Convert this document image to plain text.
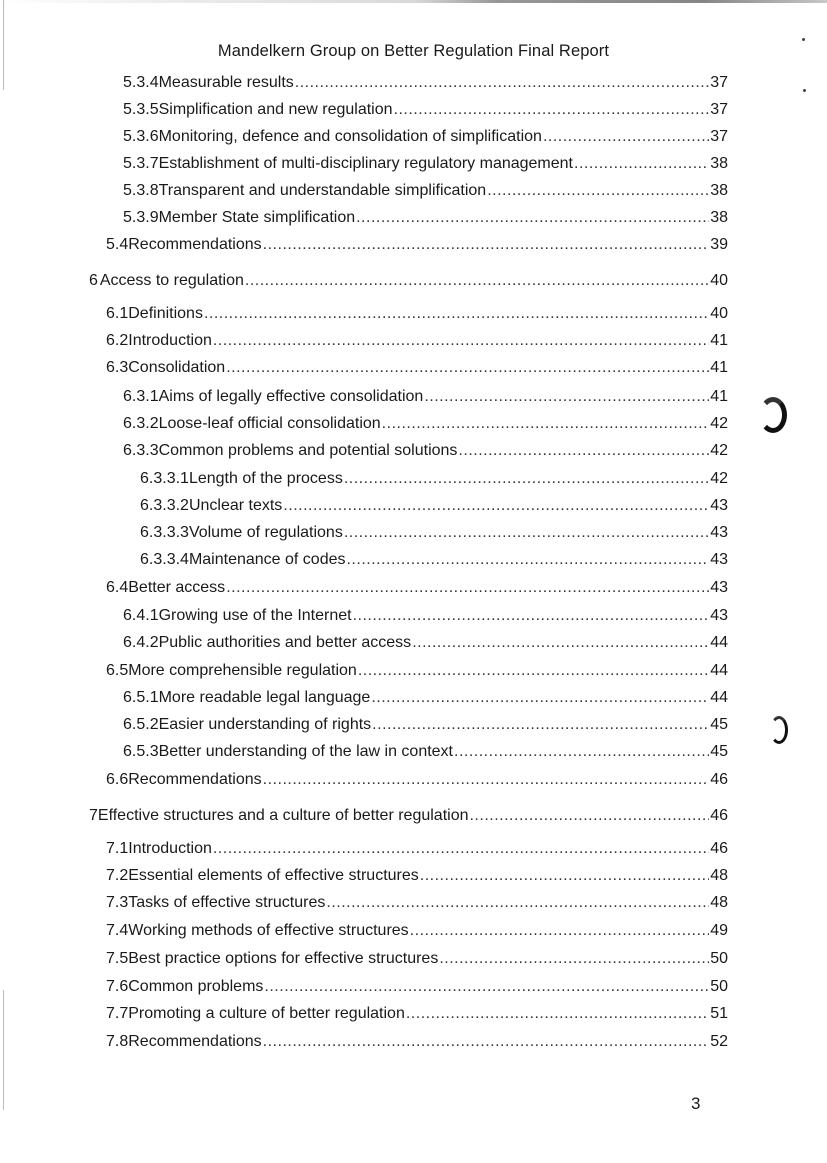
Mandelkern Group on Better Regulation Final Report
5.3.4 Measurable results .....	37
5.3.5 Simplification and new regulation .....	37
5.3.6 Monitoring, defence and consolidation of simplification .....	37
5.3.7 Establishment of multi-disciplinary regulatory management .....	38
5.3.8 Transparent and understandable simplification .....	38
5.3.9 Member State simplification .....	38
5.4 Recommendations .....	39
6 Access to regulation .....	40
6.1 Definitions .....	40
6.2 Introduction .....	41
6.3 Consolidation .....	41
6.3.1 Aims of legally effective consolidation .....	41
6.3.2 Loose-leaf official consolidation .....	42
6.3.3 Common problems and potential solutions .....	42
6.3.3.1 Length of the process .....	42
6.3.3.2 Unclear texts .....	43
6.3.3.3 Volume of regulations .....	43
6.3.3.4 Maintenance of codes .....	43
6.4 Better access .....	43
6.4.1 Growing use of the Internet .....	43
6.4.2 Public authorities and better access .....	44
6.5 More comprehensible regulation .....	44
6.5.1 More readable legal language .....	44
6.5.2 Easier understanding of rights .....	45
6.5.3 Better understanding of the law in context .....	45
6.6 Recommendations .....	46
7 Effective structures and a culture of better regulation .....	46
7.1 Introduction .....	46
7.2 Essential elements of effective structures .....	48
7.3 Tasks of effective structures .....	48
7.4 Working methods of effective structures .....	49
7.5 Best practice options for effective structures .....	50
7.6 Common problems .....	50
7.7 Promoting a culture of better regulation .....	51
7.8 Recommendations .....	52
3
